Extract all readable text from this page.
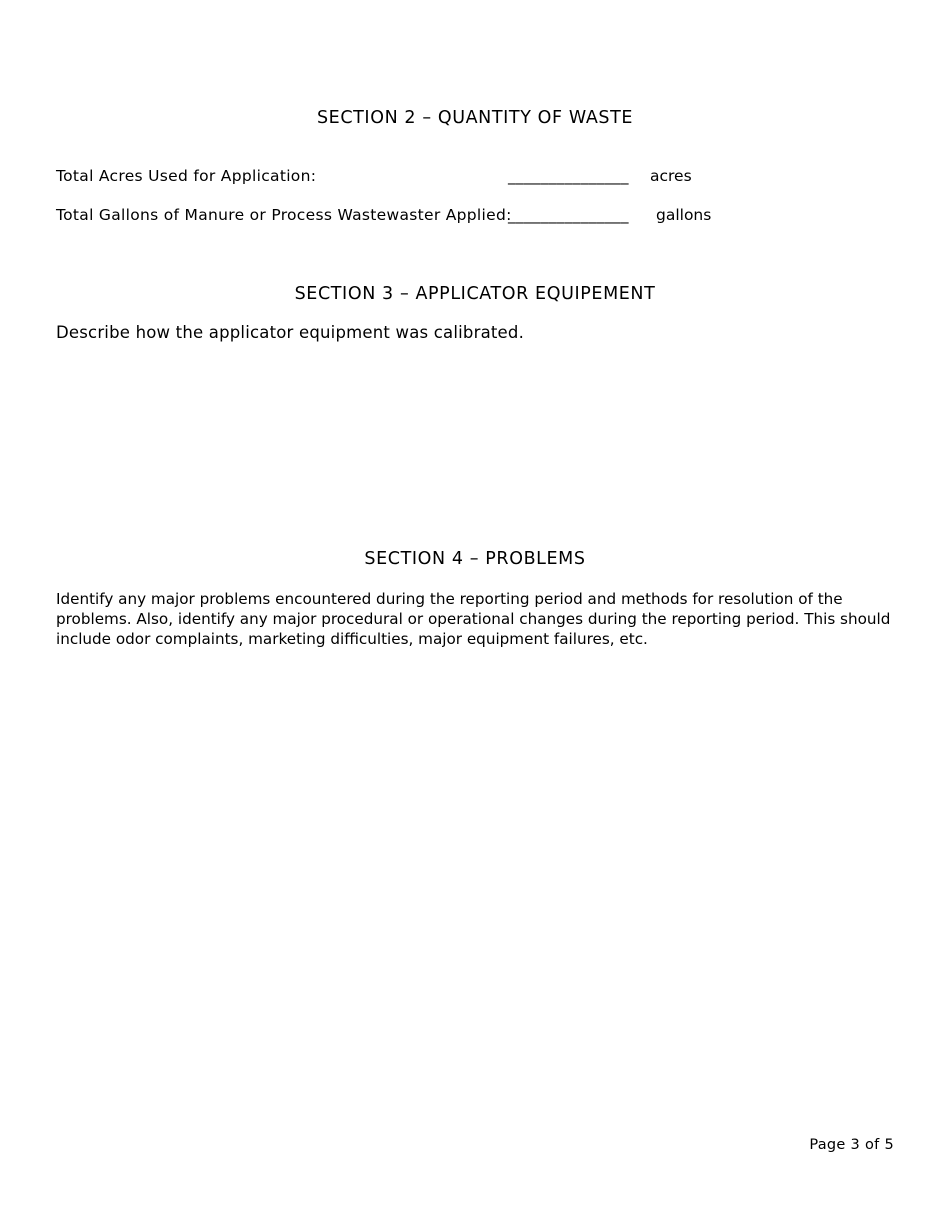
SECTION 2 – QUANTITY OF WASTE
Total Acres Used for Application:	_______________ acres
Total Gallons of Manure or Process Wastewaster Applied:
_______________ gallons
SECTION 3 – APPLICATOR EQUIPEMENT
Describe how the applicator equipment was calibrated.
SECTION 4 – PROBLEMS
Identify any major problems encountered during the reporting period and methods for resolution of the
problems. Also, identify any major procedural or operational changes during the reporting period. This should
include odor complaints, marketing difficulties, major equipment failures, etc.
Page 3 of 5
